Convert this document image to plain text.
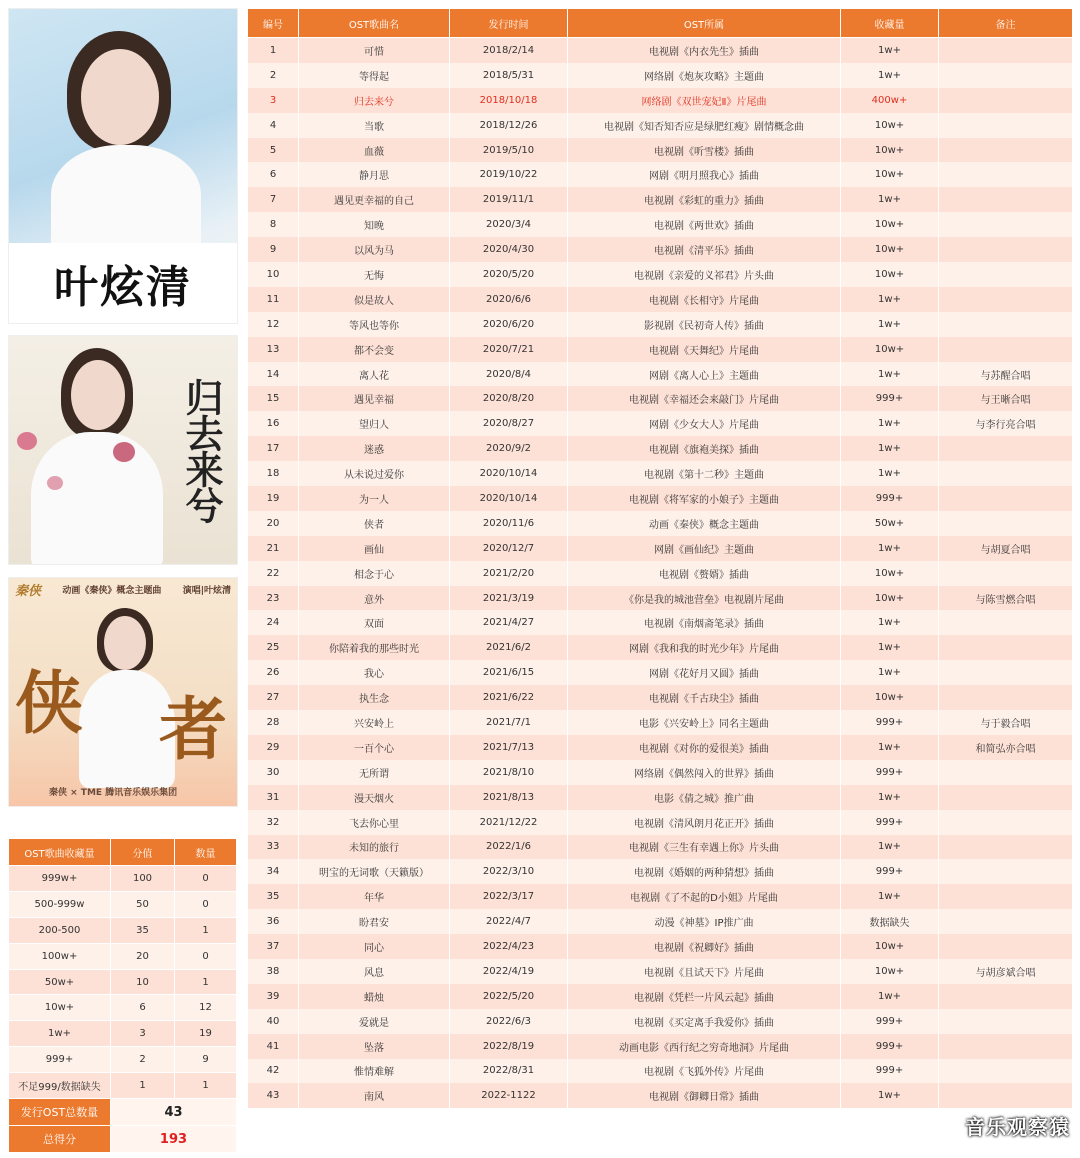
叶炫清
归去来兮
秦侠 动画《秦侠》概念主题曲 演唱|叶炫清
侠 者
秦侠 × TME 腾讯音乐娱乐集团
OST歌曲收藏量	分值	数量
999w+	100	0
500-999w	50	0
200-500	35	1
100w+	20	0
50w+	10	1
10w+	6	12
1w+	3	19
999+	2	9
不足999/数据缺失	1	1
发行OST总数量	43	
总得分	193	
编号	OST歌曲名	发行时间	OST所属	收藏量	备注
1	可惜	2018/2/14	电视剧《内衣先生》插曲	1w+	
2	等得起	2018/5/31	网络剧《炮灰攻略》主题曲	1w+	
3	归去来兮	2018/10/18	网络剧《双世宠妃Ⅱ》片尾曲	400w+	
4	当歌	2018/12/26	电视剧《知否知否应是绿肥红瘦》剧情概念曲	10w+	
5	血薇	2019/5/10	电视剧《听雪楼》插曲	10w+	
6	静月思	2019/10/22	网剧《明月照我心》插曲	10w+	
7	遇见更幸福的自己	2019/11/1	电视剧《彩虹的重力》插曲	1w+	
8	知晚	2020/3/4	电视剧《两世欢》插曲	10w+	
9	以风为马	2020/4/30	电视剧《清平乐》插曲	10w+	
10	无悔	2020/5/20	电视剧《亲爱的义祁君》片头曲	10w+	
11	似是故人	2020/6/6	电视剧《长相守》片尾曲	1w+	
12	等风也等你	2020/6/20	影视剧《民初奇人传》插曲	1w+	
13	都不会变	2020/7/21	电视剧《天舞纪》片尾曲	10w+	
14	离人花	2020/8/4	网剧《离人心上》主题曲	1w+	与苏醒合唱
15	遇见幸福	2020/8/20	电视剧《幸福还会来敲门》片尾曲	999+	与王晰合唱
16	望归人	2020/8/27	网剧《少女大人》片尾曲	1w+	与李行亮合唱
17	迷惑	2020/9/2	电视剧《旗袍美探》插曲	1w+	
18	从未说过爱你	2020/10/14	电视剧《第十二秒》主题曲	1w+	
19	为一人	2020/10/14	电视剧《将军家的小娘子》主题曲	999+	
20	侠者	2020/11/6	动画《秦侠》概念主题曲	50w+	
21	画仙	2020/12/7	网剧《画仙纪》主题曲	1w+	与胡夏合唱
22	相念于心	2021/2/20	电视剧《赘婿》插曲	10w+	
23	意外	2021/3/19	《你是我的城池营垒》电视剧片尾曲	10w+	与陈雪燃合唱
24	双面	2021/4/27	电视剧《南烟斋笔录》插曲	1w+	
25	你陪着我的那些时光	2021/6/2	网剧《我和我的时光少年》片尾曲	1w+	
26	我心	2021/6/15	网剧《花好月又圆》插曲	1w+	
27	执生念	2021/6/22	电视剧《千古玦尘》插曲	10w+	
28	兴安岭上	2021/7/1	电影《兴安岭上》同名主题曲	999+	与于毅合唱
29	一百个心	2021/7/13	电视剧《对你的爱很美》插曲	1w+	和简弘亦合唱
30	无所谓	2021/8/10	网络剧《偶然闯入的世界》插曲	999+	
31	漫天烟火	2021/8/13	电影《倩之城》推广曲	1w+	
32	飞去你心里	2021/12/22	电视剧《清风朗月花正开》插曲	999+	
33	未知的旅行	2022/1/6	电视剧《三生有幸遇上你》片头曲	1w+	
34	明宝的无词歌（天籁版）	2022/3/10	电视剧《婚姻的两种猜想》插曲	999+	
35	年华	2022/3/17	电视剧《了不起的D小姐》片尾曲	1w+	
36	盼君安	2022/4/7	动漫《神墓》IP推广曲	数据缺失	
37	同心	2022/4/23	电视剧《祝卿好》插曲	10w+	
38	风息	2022/4/19	电视剧《且试天下》片尾曲	10w+	与胡彦斌合唱
39	蜡烛	2022/5/20	电视剧《凭栏一片风云起》插曲	1w+	
40	爱就是	2022/6/3	电视剧《买定离手我爱你》插曲	999+	
41	坠落	2022/8/19	动画电影《西行纪之穷奇地洞》片尾曲	999+	
42	惟情难解	2022/8/31	电视剧《飞狐外传》片尾曲	999+	
43	南风	2022-1122	电视剧《御卿日常》插曲	1w+	
音乐观察猿
